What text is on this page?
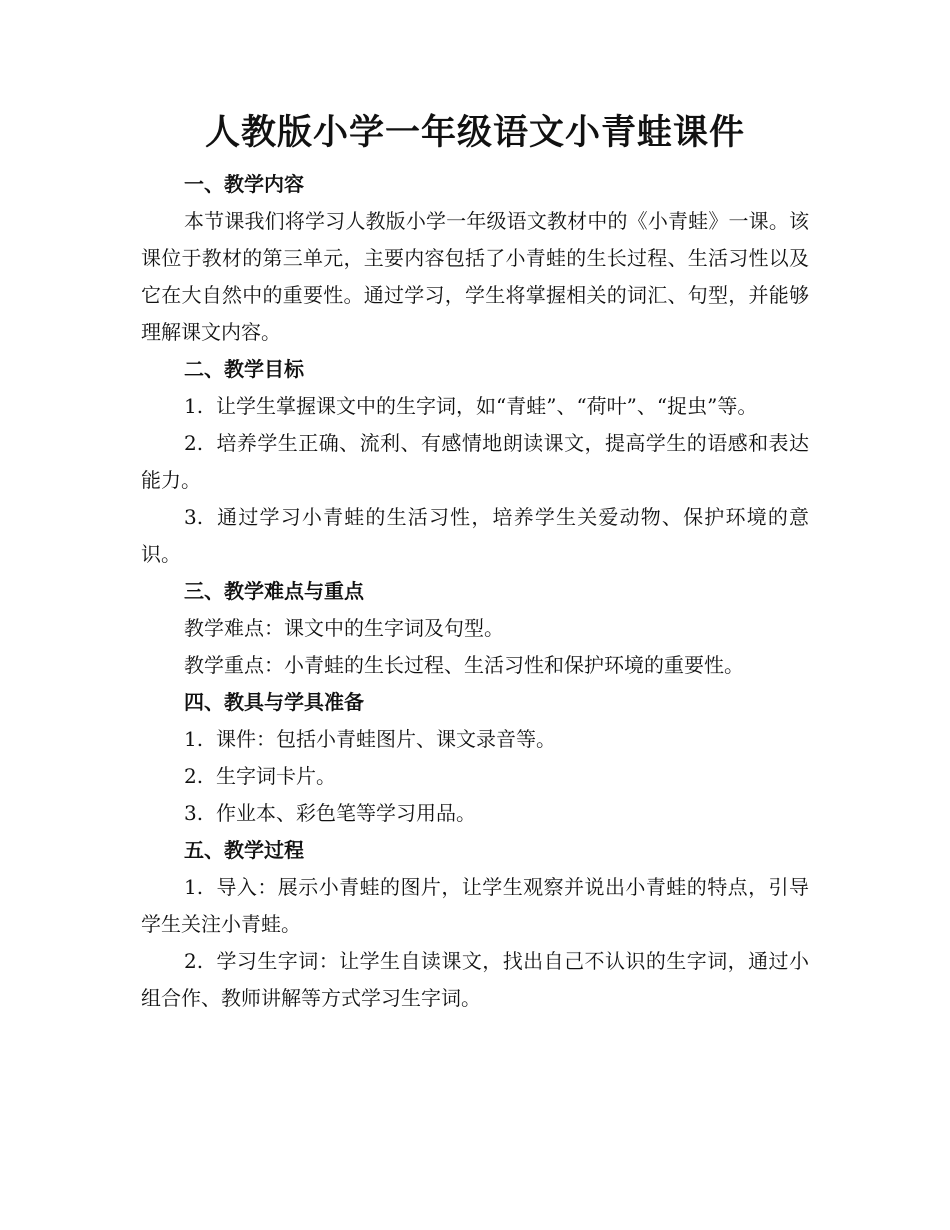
人教版小学一年级语文小青蛙课件
一、教学内容

本节课我们将学习人教版小学一年级语文教材中的《小青蛙》一课。该课位于教材的第三单元，主要内容包括了小青蛙的生长过程、生活习性以及它在大自然中的重要性。通过学习，学生将掌握相关的词汇、句型，并能够理解课文内容。

二、教学目标

1. 让学生掌握课文中的生字词，如“青蛙”、“荷叶”、“捉虫”等。

2. 培养学生正确、流利、有感情地朗读课文，提高学生的语感和表达能力。

3. 通过学习小青蛙的生活习性，培养学生关爱动物、保护环境的意识。

三、教学难点与重点

教学难点：课文中的生字词及句型。

教学重点：小青蛙的生长过程、生活习性和保护环境的重要性。

四、教具与学具准备

1. 课件：包括小青蛙图片、课文录音等。

2. 生字词卡片。

3. 作业本、彩色笔等学习用品。

五、教学过程

1. 导入：展示小青蛙的图片，让学生观察并说出小青蛙的特点，引导学生关注小青蛙。

2. 学习生字词：让学生自读课文，找出自己不认识的生字词，通过小组合作、教师讲解等方式学习生字词。
